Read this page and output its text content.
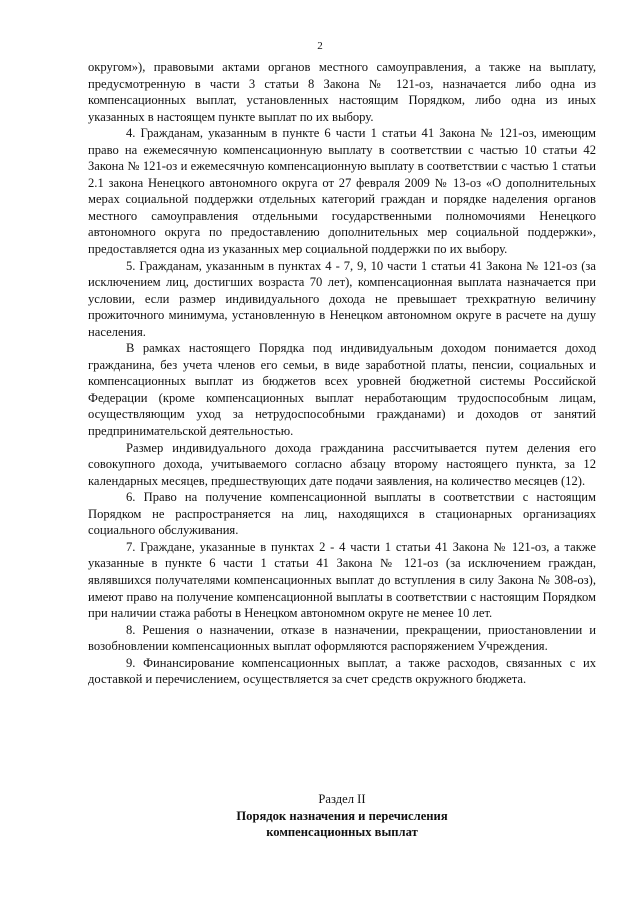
2

округом»), правовыми актами органов местного самоуправления, а также на выплату, предусмотренную в части 3 статьи 8 Закона № 121-оз, назначается либо одна из компенсационных выплат, установленных настоящим Порядком, либо одна из иных указанных в настоящем пункте выплат по их выбору.

4. Гражданам, указанным в пункте 6 части 1 статьи 41 Закона № 121-оз, имеющим право на ежемесячную компенсационную выплату в соответствии с частью 10 статьи 42 Закона № 121-оз и ежемесячную компенсационную выплату в соответствии с частью 1 статьи 2.1 закона Ненецкого автономного округа от 27 февраля 2009 № 13-оз «О дополнительных мерах социальной поддержки отдельных категорий граждан и порядке наделения органов местного самоуправления отдельными государственными полномочиями Ненецкого автономного округа по предоставлению дополнительных мер социальной поддержки», предоставляется одна из указанных мер социальной поддержки по их выбору.

5. Гражданам, указанным в пунктах 4 - 7, 9, 10 части 1 статьи 41 Закона № 121-оз (за исключением лиц, достигших возраста 70 лет), компенсационная выплата назначается при условии, если размер индивидуального дохода не превышает трехкратную величину прожиточного минимума, установленную в Ненецком автономном округе в расчете на душу населения.

В рамках настоящего Порядка под индивидуальным доходом понимается доход гражданина, без учета членов его семьи, в виде заработной платы, пенсии, социальных и компенсационных выплат из бюджетов всех уровней бюджетной системы Российской Федерации (кроме компенсационных выплат неработающим трудоспособным лицам, осуществляющим уход за нетрудоспособными гражданами) и доходов от занятий предпринимательской деятельностью.

Размер индивидуального дохода гражданина рассчитывается путем деления его совокупного дохода, учитываемого согласно абзацу второму настоящего пункта, за 12 календарных месяцев, предшествующих дате подачи заявления, на количество месяцев (12).

6. Право на получение компенсационной выплаты в соответствии с настоящим Порядком не распространяется на лиц, находящихся в стационарных организациях социального обслуживания.

7. Граждане, указанные в пунктах 2 - 4 части 1 статьи 41 Закона № 121-оз, а также указанные в пункте 6 части 1 статьи 41 Закона № 121-оз (за исключением граждан, являвшихся получателями компенсационных выплат до вступления в силу Закона № 308-оз), имеют право на получение компенсационной выплаты в соответствии с настоящим Порядком при наличии стажа работы в Ненецком автономном округе не менее 10 лет.

8. Решения о назначении, отказе в назначении, прекращении, приостановлении и возобновлении компенсационных выплат оформляются распоряжением Учреждения.

9. Финансирование компенсационных выплат, а также расходов, связанных с их доставкой и перечислением, осуществляется за счет средств окружного бюджета.

Раздел II
Порядок назначения и перечисления
компенсационных выплат
